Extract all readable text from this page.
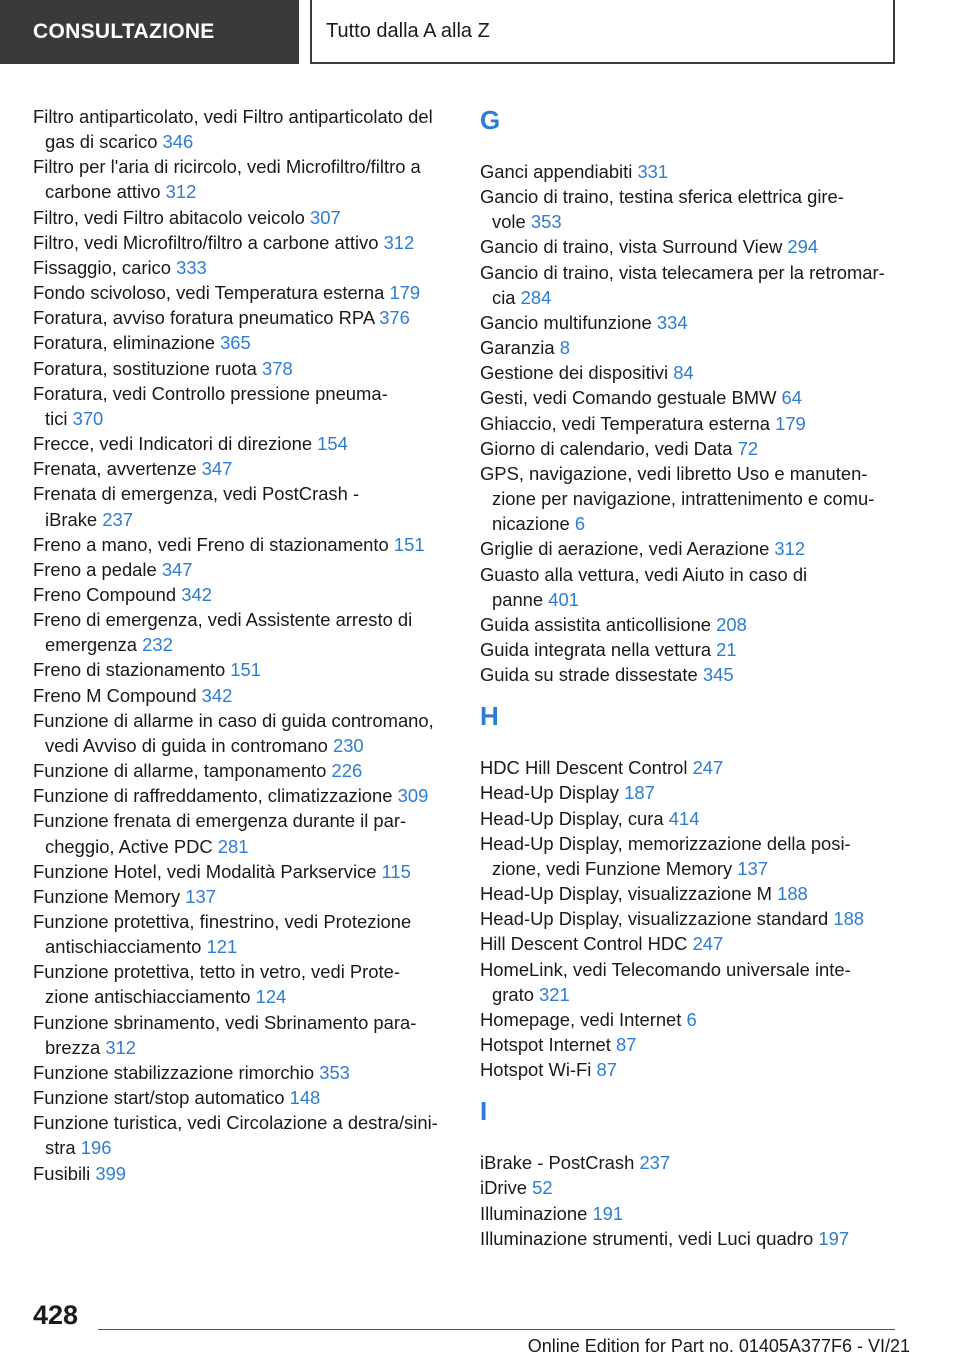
CONSULTAZIONE	Tutto dalla A alla Z
Filtro antiparticolato, vedi Filtro antiparticolato del
gas di scarico 346
Filtro per l'aria di ricircolo, vedi Microfiltro/filtro a
carbone attivo 312
Filtro, vedi Filtro abitacolo veicolo 307
Filtro, vedi Microfiltro/filtro a carbone attivo 312
Fissaggio, carico 333
Fondo scivoloso, vedi Temperatura esterna 179
Foratura, avviso foratura pneumatico RPA 376
Foratura, eliminazione 365
Foratura, sostituzione ruota 378
Foratura, vedi Controllo pressione pneuma-
tici 370
Frecce, vedi Indicatori di direzione 154
Frenata, avvertenze 347
Frenata di emergenza, vedi PostCrash -
iBrake 237
Freno a mano, vedi Freno di stazionamento 151
Freno a pedale 347
Freno Compound 342
Freno di emergenza, vedi Assistente arresto di
emergenza 232
Freno di stazionamento 151
Freno M Compound 342
Funzione di allarme in caso di guida contromano,
vedi Avviso di guida in contromano 230
Funzione di allarme, tamponamento 226
Funzione di raffreddamento, climatizzazione 309
Funzione frenata di emergenza durante il par-
cheggio, Active PDC 281
Funzione Hotel, vedi Modalità Parkservice 115
Funzione Memory 137
Funzione protettiva, finestrino, vedi Protezione
antischiacciamento 121
Funzione protettiva, tetto in vetro, vedi Prote-
zione antischiacciamento 124
Funzione sbrinamento, vedi Sbrinamento para-
brezza 312
Funzione stabilizzazione rimorchio 353
Funzione start/stop automatico 148
Funzione turistica, vedi Circolazione a destra/sini-
stra 196
Fusibili 399
G
Ganci appendiabiti 331
Gancio di traino, testina sferica elettrica gire-
vole 353
Gancio di traino, vista Surround View 294
Gancio di traino, vista telecamera per la retromar-
cia 284
Gancio multifunzione 334
Garanzia 8
Gestione dei dispositivi 84
Gesti, vedi Comando gestuale BMW 64
Ghiaccio, vedi Temperatura esterna 179
Giorno di calendario, vedi Data 72
GPS, navigazione, vedi libretto Uso e manuten-
zione per navigazione, intrattenimento e comu-
nicazione 6
Griglie di aerazione, vedi Aerazione 312
Guasto alla vettura, vedi Aiuto in caso di
panne 401
Guida assistita anticollisione 208
Guida integrata nella vettura 21
Guida su strade dissestate 345
H
HDC Hill Descent Control 247
Head-Up Display 187
Head-Up Display, cura 414
Head-Up Display, memorizzazione della posi-
zione, vedi Funzione Memory 137
Head-Up Display, visualizzazione M 188
Head-Up Display, visualizzazione standard 188
Hill Descent Control HDC 247
HomeLink, vedi Telecomando universale inte-
grato 321
Homepage, vedi Internet 6
Hotspot Internet 87
Hotspot Wi-Fi 87
I
iBrake - PostCrash 237
iDrive 52
Illuminazione 191
Illuminazione strumenti, vedi Luci quadro 197
428
Online Edition for Part no. 01405A377F6 - VI/21
